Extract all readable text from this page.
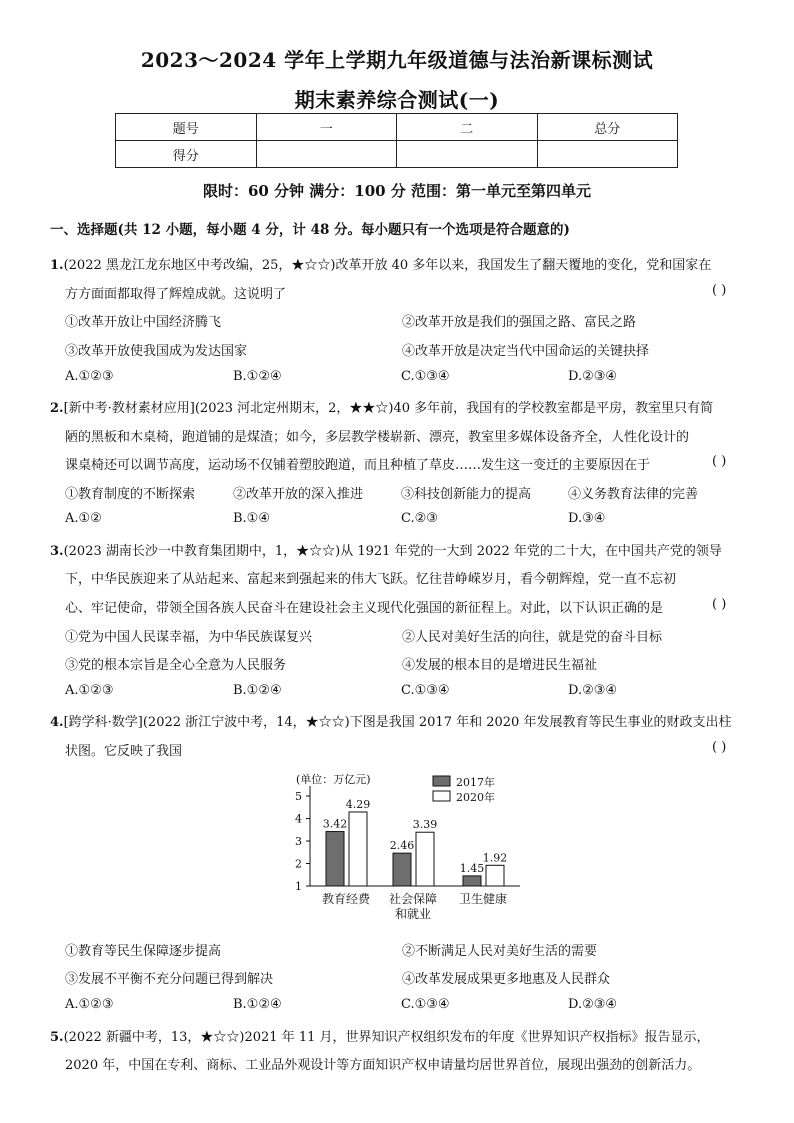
2023～2024 学年上学期九年级道德与法治新课标测试
期末素养综合测试(一)
题号	一	二	总分
得分			
限时：60 分钟 满分：100 分 范围：第一单元至第四单元
一、选择题(共 12 小题，每小题 4 分，计 48 分。每小题只有一个选项是符合题意的)
1.(2022 黑龙江龙东地区中考改编，25，★☆☆)改革开放 40 多年以来，我国发生了翻天覆地的变化，党和国家在
方方面面都取得了辉煌成就。这说明了	( )
①改革开放让中国经济腾飞	②改革开放是我们的强国之路、富民之路
③改革开放使我国成为发达国家	④改革开放是决定当代中国命运的关键抉择
A.①②③	B.①②④	C.①③④	D.②③④
2.[新中考·教材素材应用](2023 河北定州期末，2，★★☆)40 多年前，我国有的学校教室都是平房，教室里只有简
陋的黑板和木桌椅，跑道铺的是煤渣；如今，多层教学楼崭新、漂亮，教室里多媒体设备齐全，人性化设计的
课桌椅还可以调节高度，运动场不仅铺着塑胶跑道，而且种植了草皮……发生这一变迁的主要原因在于	( )
①教育制度的不断探索	②改革开放的深入推进	③科技创新能力的提高	④义务教育法律的完善
A.①②	B.①④	C.②③	D.③④
3.(2023 湖南长沙一中教育集团期中，1，★☆☆)从 1921 年党的一大到 2022 年党的二十大，在中国共产党的领导
下，中华民族迎来了从站起来、富起来到强起来的伟大飞跃。忆往昔峥嵘岁月，看今朝辉煌，党一直不忘初
心、牢记使命，带领全国各族人民奋斗在建设社会主义现代化强国的新征程上。对此，以下认识正确的是	( )
①党为中国人民谋幸福，为中华民族谋复兴	②人民对美好生活的向往，就是党的奋斗目标
③党的根本宗旨是全心全意为人民服务	④发展的根本目的是增进民生福祉
A.①②③	B.①②④	C.①③④	D.②③④
4.[跨学科·数学](2022 浙江宁波中考，14，★☆☆)下图是我国 2017 年和 2020 年发展教育等民生事业的财政支出柱
状图。它反映了我国	( )
(单位：万亿元)
1
2
3
4
5
3.42
2.46
1.45
4.29
3.39
1.92
教育经费 社会保障
和就业
卫生健康
2017年
2020年
①教育等民生保障逐步提高	②不断满足人民对美好生活的需要
③发展不平衡不充分问题已得到解决	④改革发展成果更多地惠及人民群众
A.①②③	B.①②④	C.①③④	D.②③④
5.(2022 新疆中考，13，★☆☆)2021 年 11 月，世界知识产权组织发布的年度《世界知识产权指标》报告显示，
2020 年，中国在专利、商标、工业品外观设计等方面知识产权申请量均居世界首位，展现出强劲的创新活力。
